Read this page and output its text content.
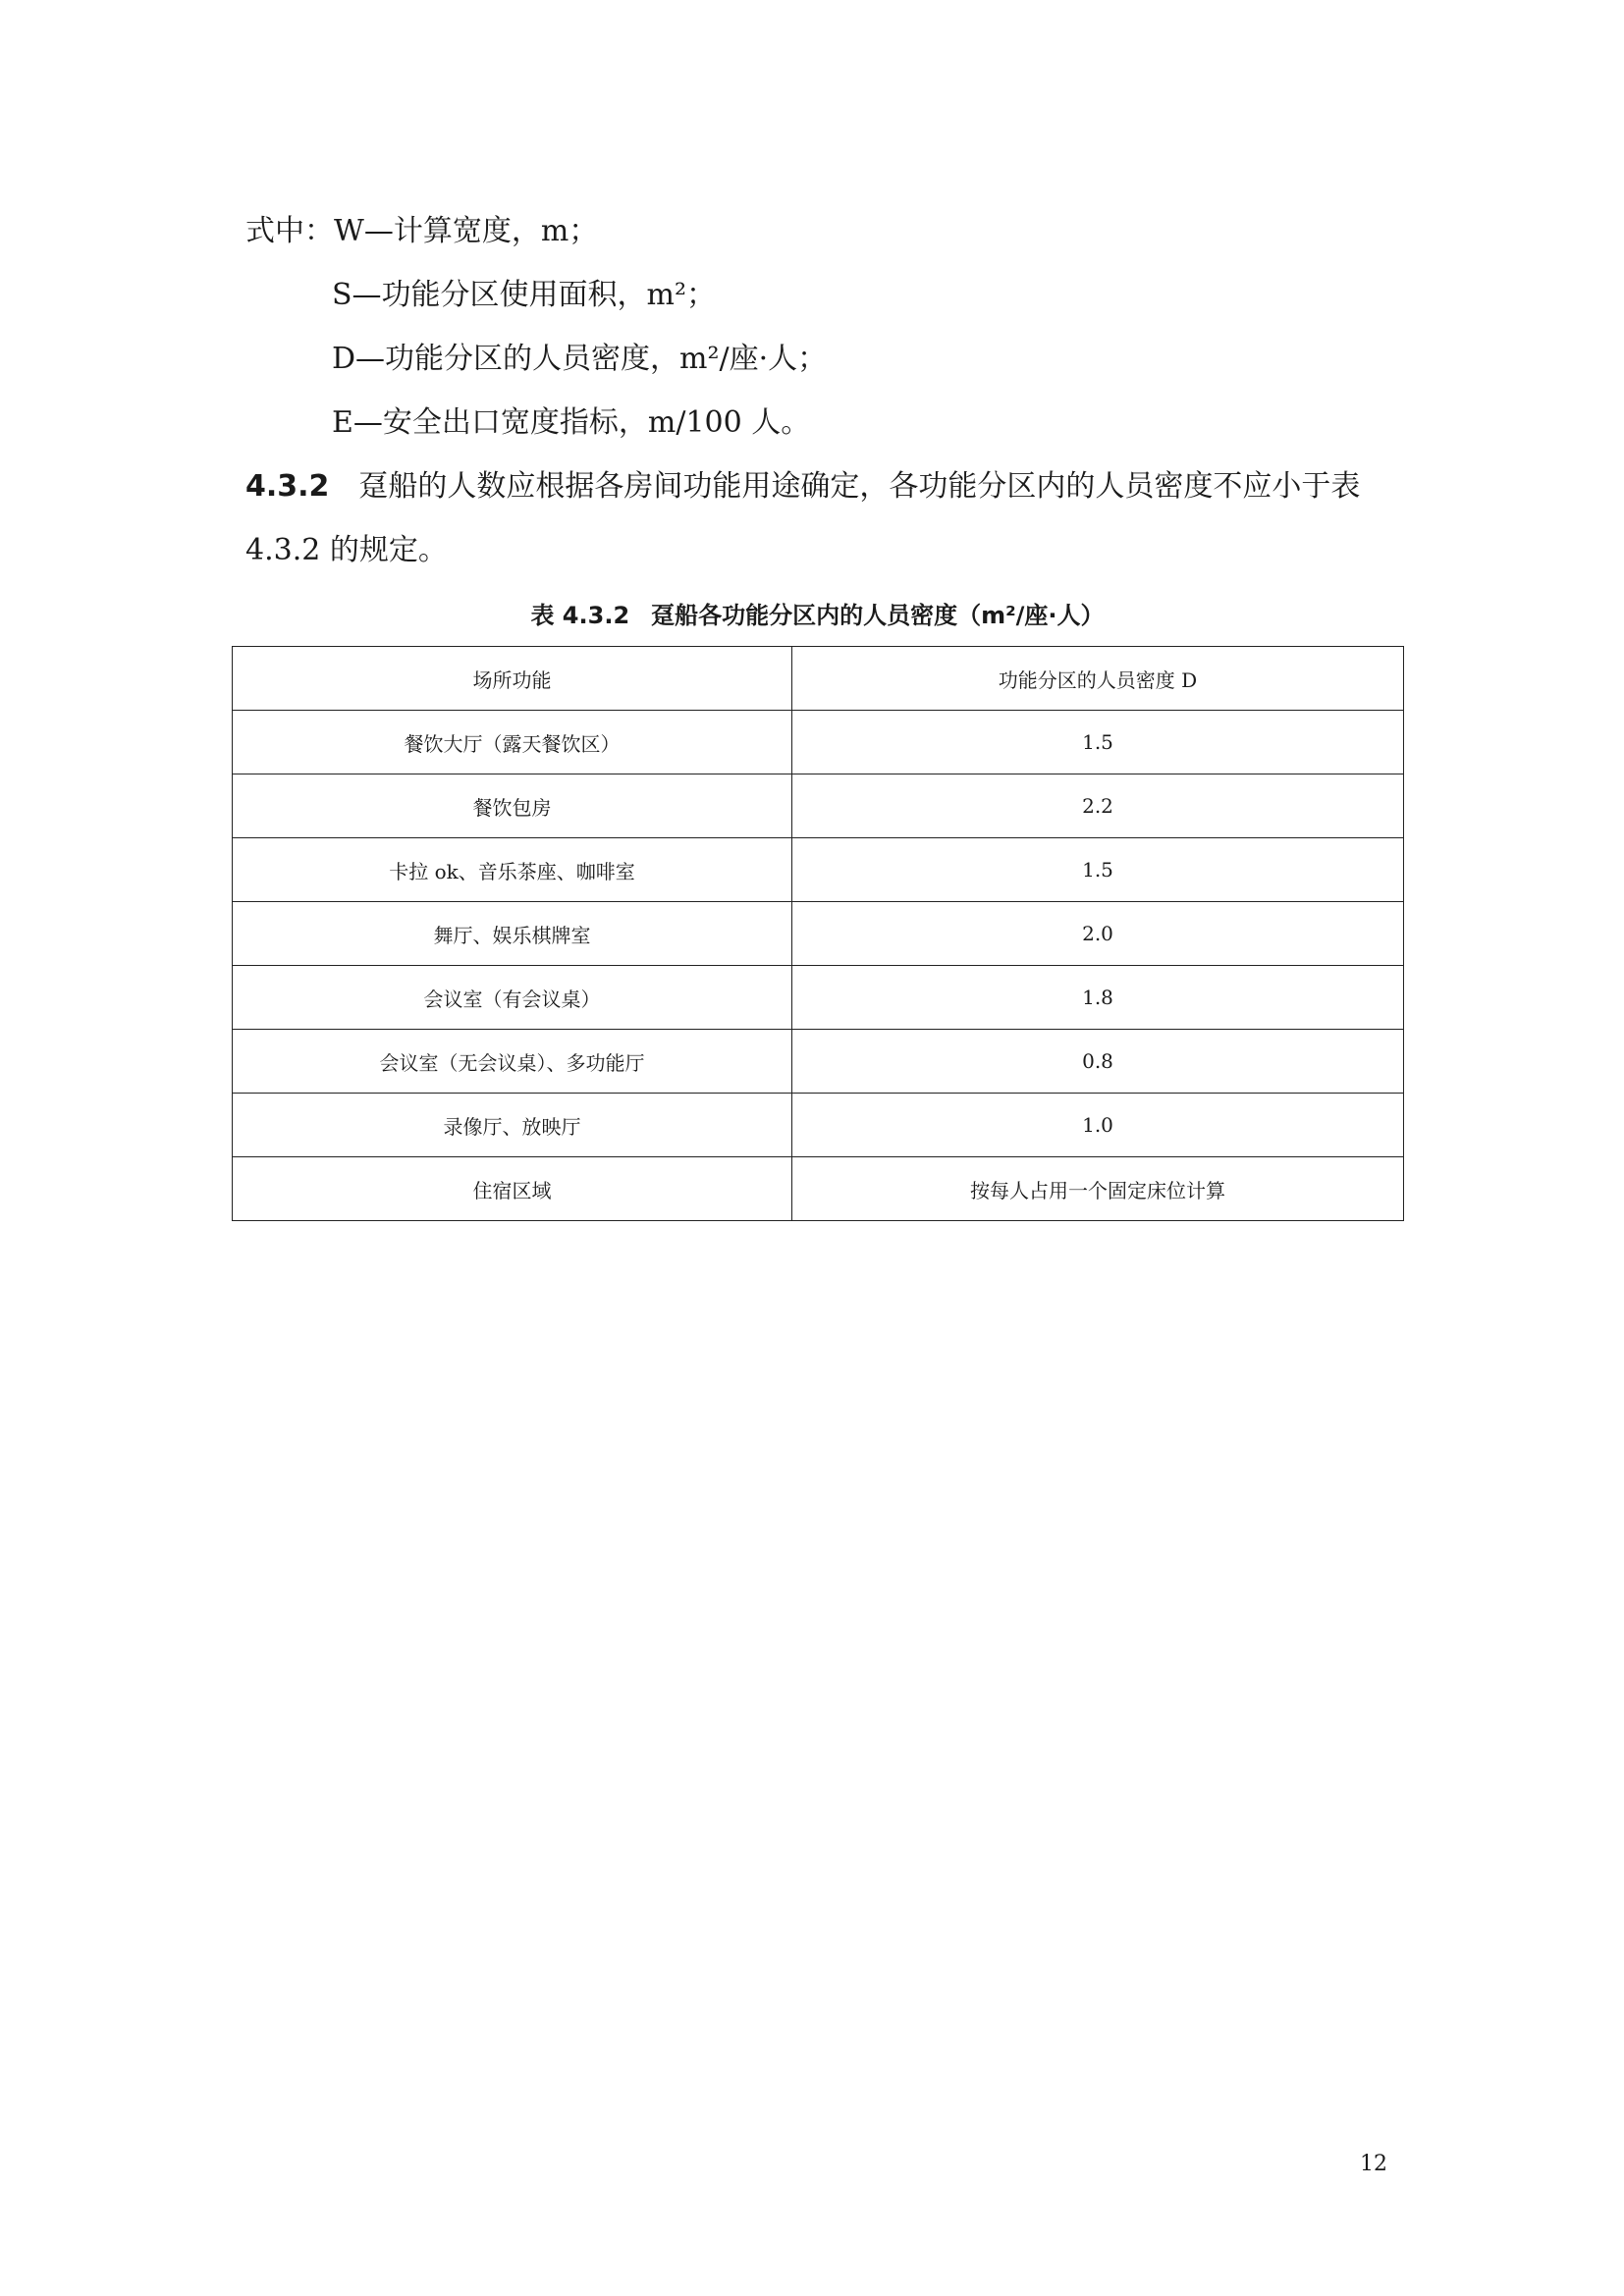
式中：W—计算宽度，m；
S—功能分区使用面积，m²；
D—功能分区的人员密度，m²/座·人；
E—安全出口宽度指标，m/100 人。
4.3.2 趸船的人数应根据各房间功能用途确定，各功能分区内的人员密度不应小于表
4.3.2 的规定。
表 4.3.2 趸船各功能分区内的人员密度（m²/座·人）
场所功能	功能分区的人员密度 D
餐饮大厅（露天餐饮区）	1.5
餐饮包房	2.2
卡拉 ok、音乐茶座、咖啡室	1.5
舞厅、娱乐棋牌室	2.0
会议室（有会议桌）	1.8
会议室（无会议桌）、多功能厅	0.8
录像厅、放映厅	1.0
住宿区域	按每人占用一个固定床位计算
12
